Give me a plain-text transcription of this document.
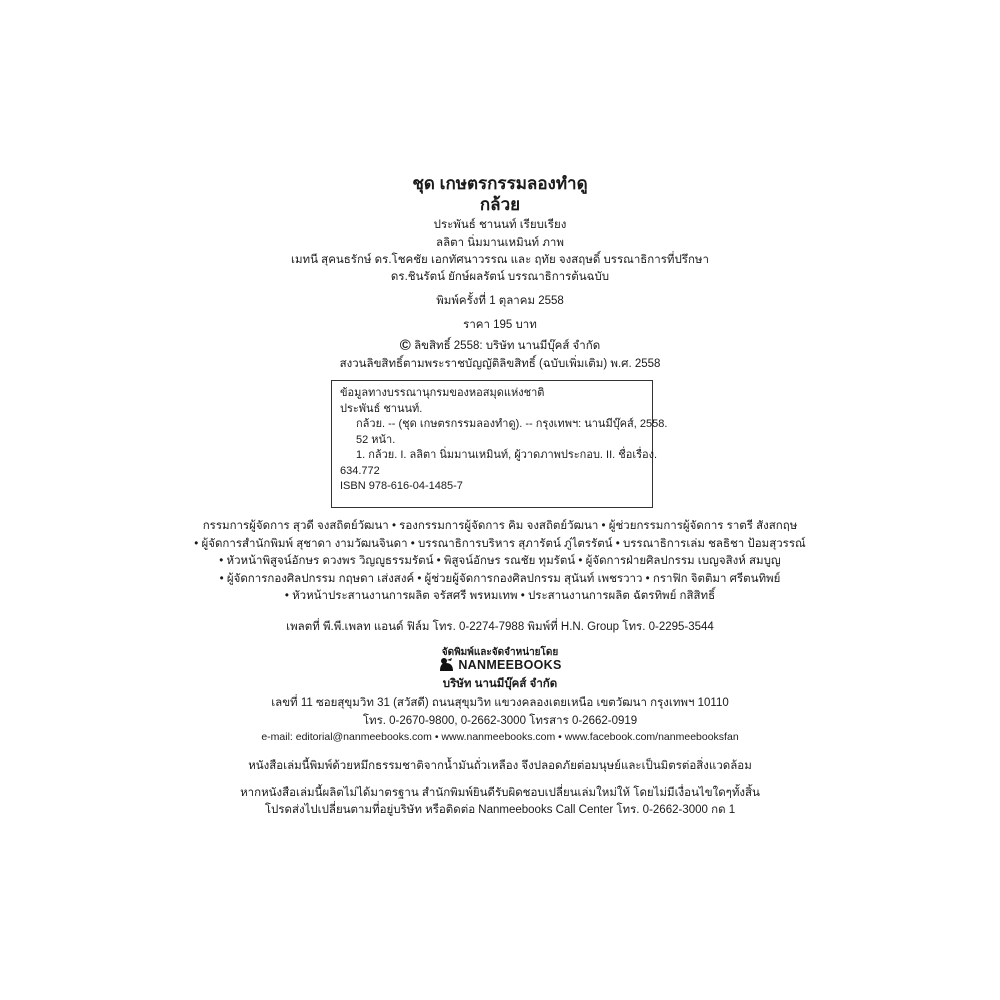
ชุด เกษตรกรรมลองทำดู
กล้วย
ประพันธ์ ชานนท์ เรียบเรียง
ลลิตา นิ่มมานเหมินท์ ภาพ
เมทนี สุคนธรักษ์ ดร.โชคชัย เอกทัศนาวรรณ และ ฤทัย จงสฤษดิ์ บรรณาธิการที่ปรึกษา
ดร.ชินรัตน์ ยักษ์ผลรัตน์ บรรณาธิการต้นฉบับ
พิมพ์ครั้งที่ 1 ตุลาคม 2558
ราคา 195 บาท
© ลิขสิทธิ์ 2558: บริษัท นานมีบุ๊คส์ จำกัด
สงวนลิขสิทธิ์ตามพระราชบัญญัติลิขสิทธิ์ (ฉบับเพิ่มเติม) พ.ศ. 2558
ข้อมูลทางบรรณานุกรมของหอสมุดแห่งชาติ
ประพันธ์ ชานนท์.
กล้วย. -- (ชุด เกษตรกรรมลองทำดู). -- กรุงเทพฯ: นานมีบุ๊คส์, 2558.
52 หน้า.
1. กล้วย. I. ลลิตา นิ่มมานเหมินท์, ผู้วาดภาพประกอบ. II. ชื่อเรื่อง.
634.772
ISBN 978-616-04-1485-7
กรรมการผู้จัดการ สุวดี จงสถิตย์วัฒนา • รองกรรมการผู้จัดการ คิม จงสถิตย์วัฒนา • ผู้ช่วยกรรมการผู้จัดการ ราตรี สังสกฤษ
• ผู้จัดการสำนักพิมพ์ สุชาดา งามวัฒนจินดา • บรรณาธิการบริหาร สุภารัตน์ ภู่ไตรรัตน์ • บรรณาธิการเล่ม ชลธิชา ป้อมสุวรรณ์
• หัวหน้าพิสูจน์อักษร ดวงพร วิญญูธรรมรัตน์ • พิสูจน์อักษร รณชัย ทุมรัตน์ • ผู้จัดการฝ่ายศิลปกรรม เบญจสิงห์ สมบูญ
• ผู้จัดการกองศิลปกรรม กฤษดา เส่งสงค์ • ผู้ช่วยผู้จัดการกองศิลปกรรม สุนันท์ เพชรวาว • กราฟิก จิตติมา ศรีตนทิพย์
• หัวหน้าประสานงานการผลิต จรัสศรี พรหมเทพ • ประสานงานการผลิต ฉัตรทิพย์ กสิสิทธิ์
เพลตที่ พี.พี.เพลท แอนด์ ฟิล์ม โทร. 0-2274-7988 พิมพ์ที่ H.N. Group โทร. 0-2295-3544
จัดพิมพ์และจัดจำหน่ายโดย
NANMEEBOOKS
บริษัท นานมีบุ๊คส์ จำกัด
เลขที่ 11 ซอยสุขุมวิท 31 (สวัสดี) ถนนสุขุมวิท แขวงคลองเตยเหนือ เขตวัฒนา กรุงเทพฯ 10110
โทร. 0-2670-9800, 0-2662-3000 โทรสาร 0-2662-0919
e-mail: editorial@nanmeebooks.com • www.nanmeebooks.com • www.facebook.com/nanmeebooksfan
หนังสือเล่มนี้พิมพ์ด้วยหมึกธรรมชาติจากน้ำมันถั่วเหลือง จึงปลอดภัยต่อมนุษย์และเป็นมิตรต่อสิ่งแวดล้อม
หากหนังสือเล่มนี้ผลิตไม่ได้มาตรฐาน สำนักพิมพ์ยินดีรับผิดชอบเปลี่ยนเล่มใหม่ให้ โดยไม่มีเงื่อนไขใดๆทั้งสิ้น
โปรดส่งไปเปลี่ยนตามที่อยู่บริษัท หรือติดต่อ Nanmeebooks Call Center โทร. 0-2662-3000 กด 1
